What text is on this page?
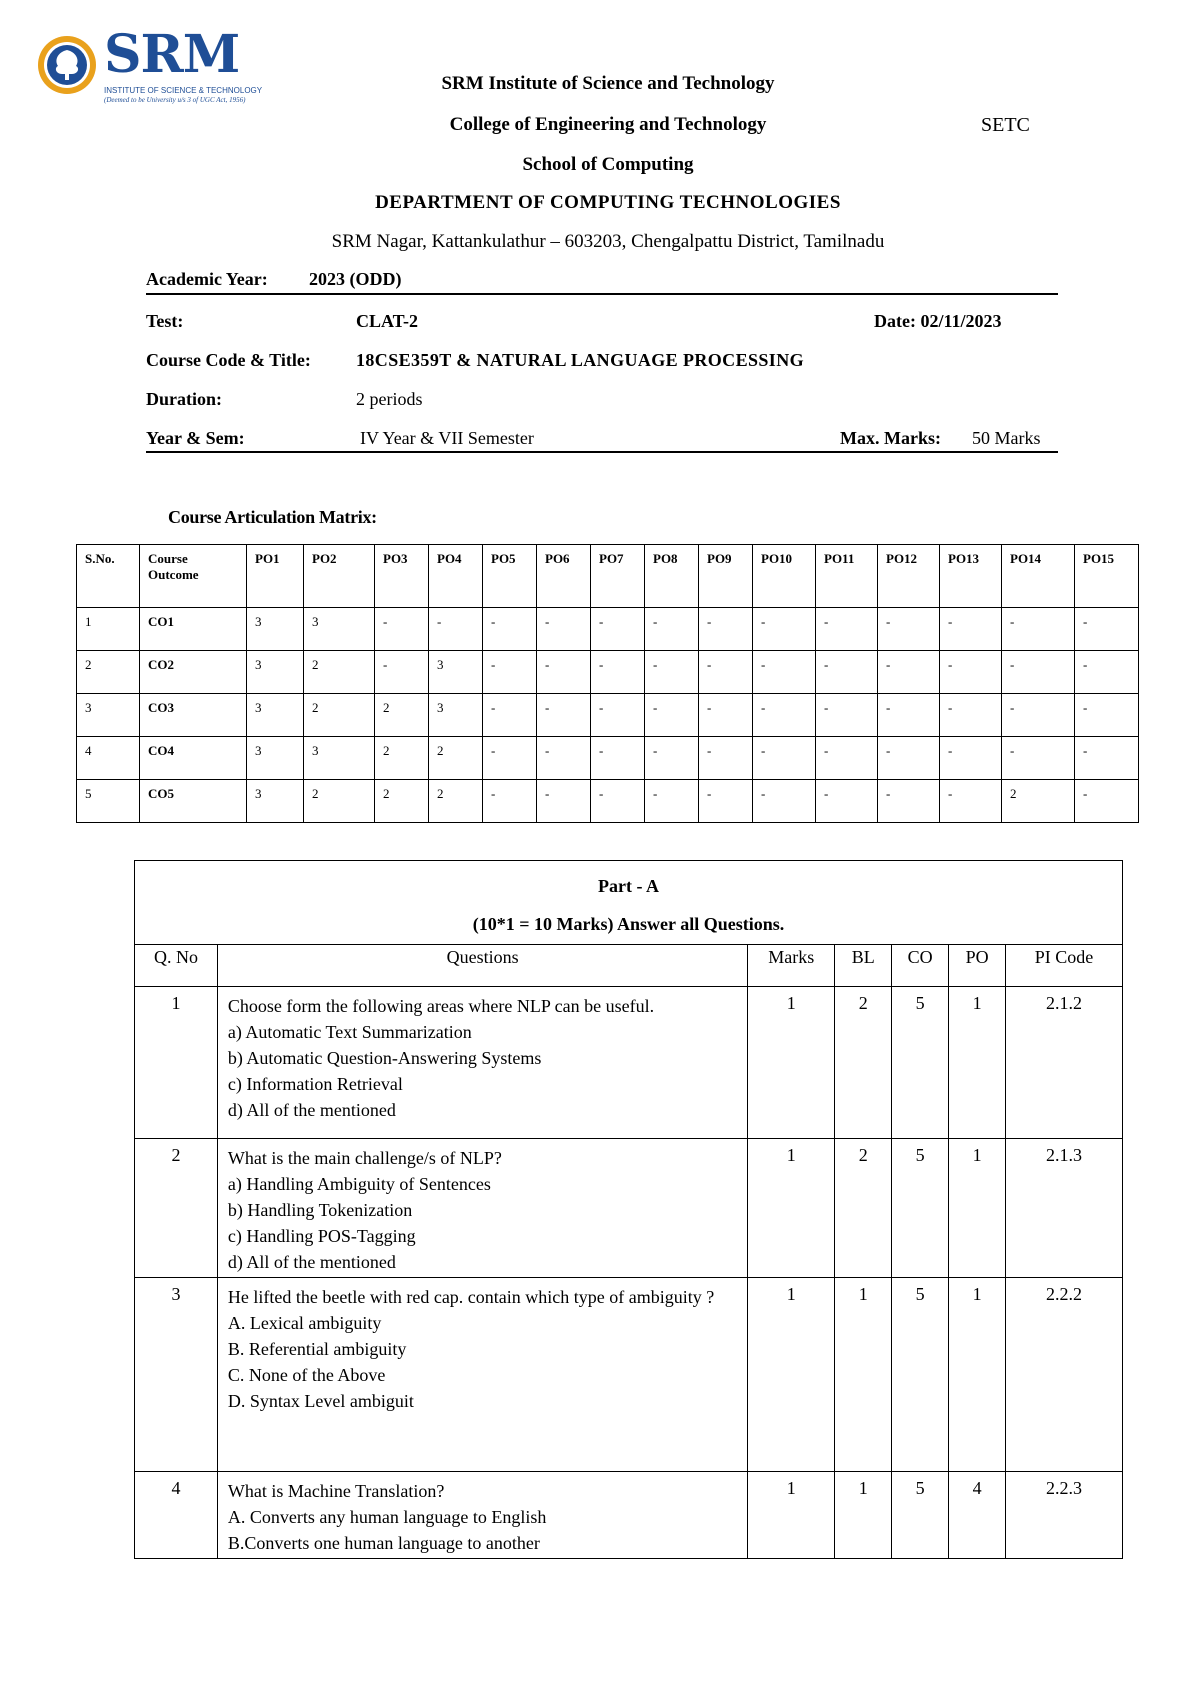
SRM
INSTITUTE OF SCIENCE & TECHNOLOGY
(Deemed to be University u/s 3 of UGC Act, 1956)
SRM Institute of Science and Technology
College of Engineering and Technology	SETC
School of Computing
DEPARTMENT OF COMPUTING TECHNOLOGIES
SRM Nagar, Kattankulathur – 603203, Chengalpattu District, Tamilnadu
Academic Year: 2023 (ODD)
Test:	CLAT-2	Date: 02/11/2023
Course Code & Title:	18CSE359T & NATURAL LANGUAGE PROCESSING
Duration:	2 periods
Year & Sem:	IV Year & VII Semester	Max. Marks: 50 Marks
Course Articulation Matrix:
S.No.	Course Outcome	PO1	PO2	PO3	PO4	PO5	PO6	PO7	PO8	PO9	PO10	PO11	PO12	PO13	PO14	PO15
1	CO1	3	3	-	-	-	-	-	-	-	-	-	-	-	-	-
2	CO2	3	2	-	3	-	-	-	-	-	-	-	-	-	-	-
3	CO3	3	2	2	3	-	-	-	-	-	-	-	-	-	-	-
4	CO4	3	3	2	2	-	-	-	-	-	-	-	-	-	-	-
5	CO5	3	2	2	2	-	-	-	-	-	-	-	-	-	2	-
Part - A
(10*1 = 10 Marks) Answer all Questions.						

Q. No	Questions	Marks	BL	CO	PO	PI Code
1	Choose form the following areas where NLP can be useful.
a) Automatic Text Summarization
b) Automatic Question-Answering Systems
c) Information Retrieval
d) All of the mentioned	1	2	5	1	2.1.2
2	What is the main challenge/s of NLP?
a) Handling Ambiguity of Sentences
b) Handling Tokenization
c) Handling POS-Tagging
d) All of the mentioned	1	2	5	1	2.1.3
3	He lifted the beetle with red cap. contain which type of ambiguity ?
A. Lexical ambiguity
B. Referential ambiguity
C. None of the Above
D. Syntax Level ambiguit	1	1	5	1	2.2.2
4	What is Machine Translation?
A. Converts any human language to English
B.Converts one human language to another	1	1	5	4	2.2.3
